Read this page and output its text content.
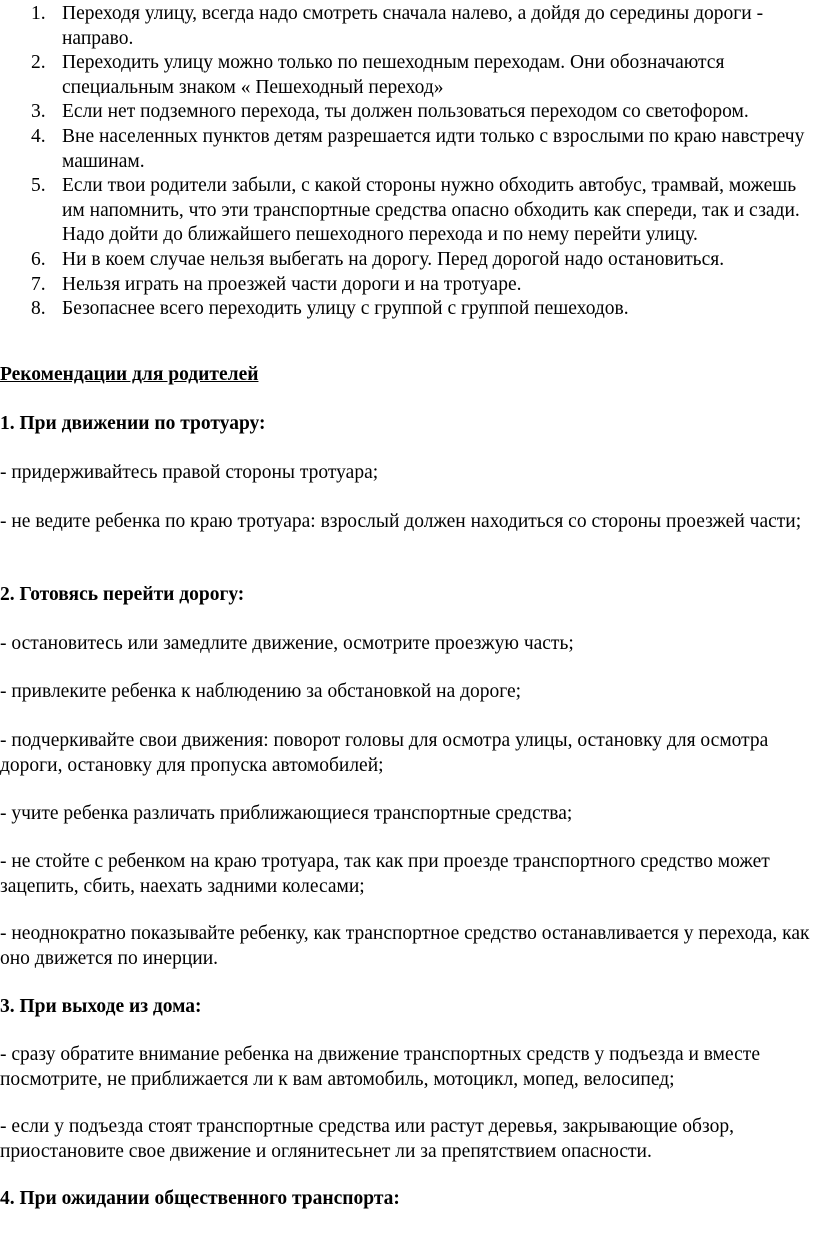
1. Переходя улицу, всегда надо смотреть сначала налево, а дойдя до середины дороги - направо.
2. Переходить улицу можно только по пешеходным переходам. Они обозначаются специальным знаком « Пешеходный переход»
3. Если нет подземного перехода, ты должен пользоваться переходом со светофором.
4. Вне населенных пунктов детям разрешается идти только с взрослыми по краю навстречу машинам.
5. Если твои родители забыли, с какой стороны нужно обходить автобус, трамвай, можешь им напомнить, что эти транспортные средства опасно обходить как спереди, так и сзади. Надо дойти до ближайшего пешеходного перехода и по нему перейти улицу.
6. Ни в коем случае нельзя выбегать на дорогу. Перед дорогой надо остановиться.
7. Нельзя играть на проезжей части дороги и на тротуаре.
8. Безопаснее всего переходить улицу с группой с группой пешеходов.

Рекомендации для родителей

1. При движении по тротуару:

- придерживайтесь правой стороны тротуара;

- не ведите ребенка по краю тротуара: взрослый должен находиться со стороны проезжей части;

2. Готовясь перейти дорогу:

- остановитесь или замедлите движение, осмотрите проезжую часть;

- привлеките ребенка к наблюдению за обстановкой на дороге;

- подчеркивайте свои движения: поворот головы для осмотра улицы, остановку для осмотра дороги, остановку для пропуска автомобилей;

- учите ребенка различать приближающиеся транспортные средства;

- не стойте с ребенком на краю тротуара, так как при проезде транспортного средство может зацепить, сбить, наехать задними колесами;

- неоднократно показывайте ребенку, как транспортное средство останавливается у перехода, как оно движется по инерции.

3. При выходе из дома:

- сразу обратите внимание ребенка на движение транспортных средств у подъезда и вместе посмотрите, не приближается ли к вам автомобиль, мотоцикл, мопед, велосипед;

- если у подъезда стоят транспортные средства или растут деревья, закрывающие обзор, приостановите свое движение и оглянитесьнет ли за препятствием опасности.

4. При ожидании общественного транспорта:
